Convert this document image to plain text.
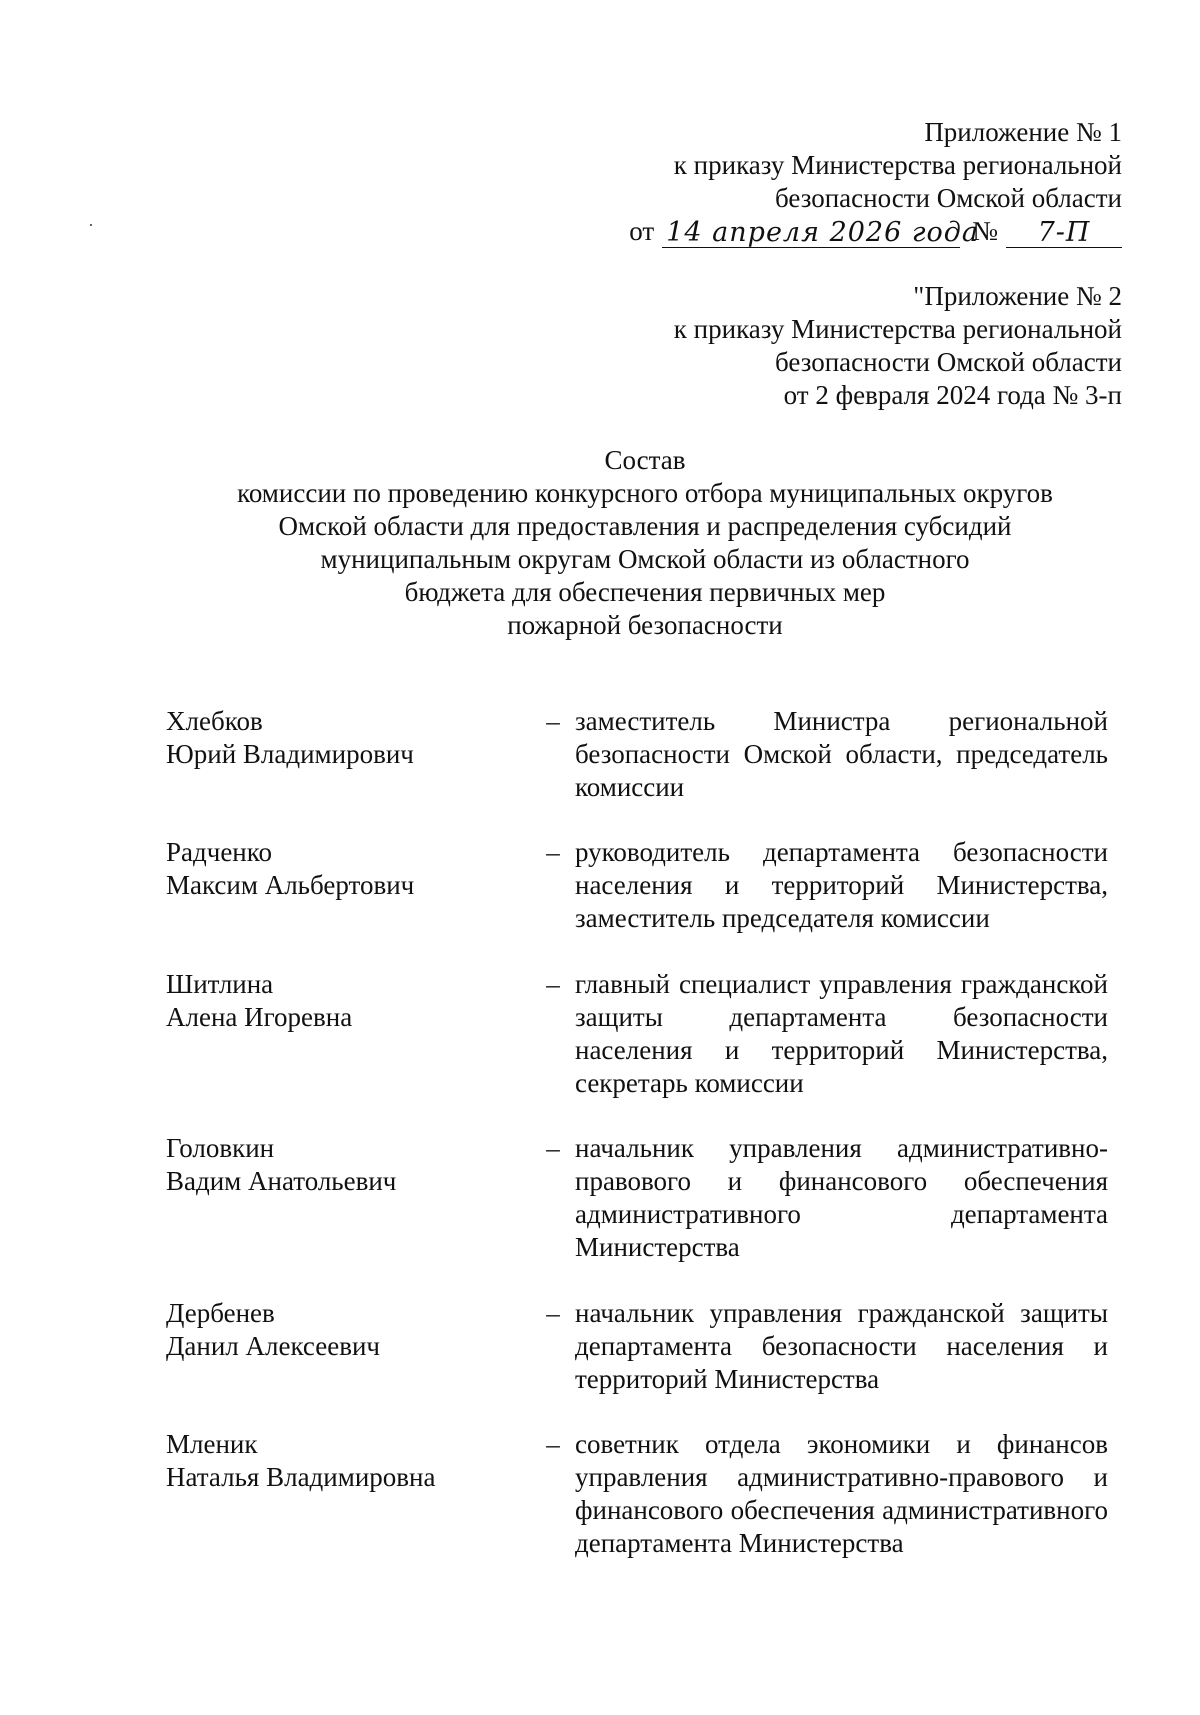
Приложение № 1
к приказу Министерства региональной
безопасности Омской области
от 14 апреля 2026 года
№	7-П
"Приложение № 2
к приказу Министерства региональной
безопасности Омской области
от 2 февраля 2024 года № 3-п
Состав
комиссии по проведению конкурсного отбора муниципальных округов
Омской области для предоставления и распределения субсидий
муниципальным округам Омской области из областного
бюджета для обеспечения первичных мер
пожарной безопасности
Хлебков
Юрий Владимирович
– заместитель Министра региональной безопасности Омской области, председатель комиссии
Радченко
Максим Альбертович
– руководитель департамента безопасности населения и территорий Министерства, заместитель председателя комиссии
Шитлина
Алена Игоревна
– главный специалист управления гражданской защиты департамента безопасности населения и территорий Министерства, секретарь комиссии
Головкин
Вадим Анатольевич
– начальник управления административно-правового и финансового обеспечения административного департамента Министерства
Дербенев
Данил Алексеевич
– начальник управления гражданской защиты департамента безопасности населения и территорий Министерства
Мленик
Наталья Владимировна
– советник отдела экономики и финансов управления административно-правового и финансового обеспечения административного департамента Министерства
